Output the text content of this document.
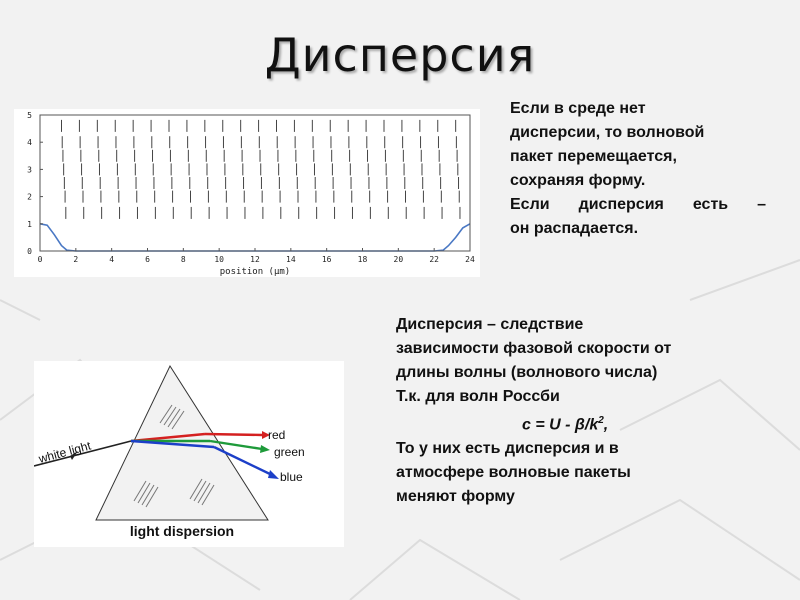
Дисперсия
Если в среде нет
дисперсии, то волновой
пакет перемещается,
сохраняя форму.
Если дисперсия есть –
он распадается.
Дисперсия – следствие
зависимости фазовой скорости от
длины волны (волнового числа)
Т.к. для волн Россби
$c = U - \beta/k^2$,
То у них есть дисперсия и в
атмосфере волновые пакеты
меняют форму
0	2	4	6	8	10	12	14	16	18	20	22	24
0
1
2
3
4
5
position (μm)
white light
red
green
blue
light dispersion
